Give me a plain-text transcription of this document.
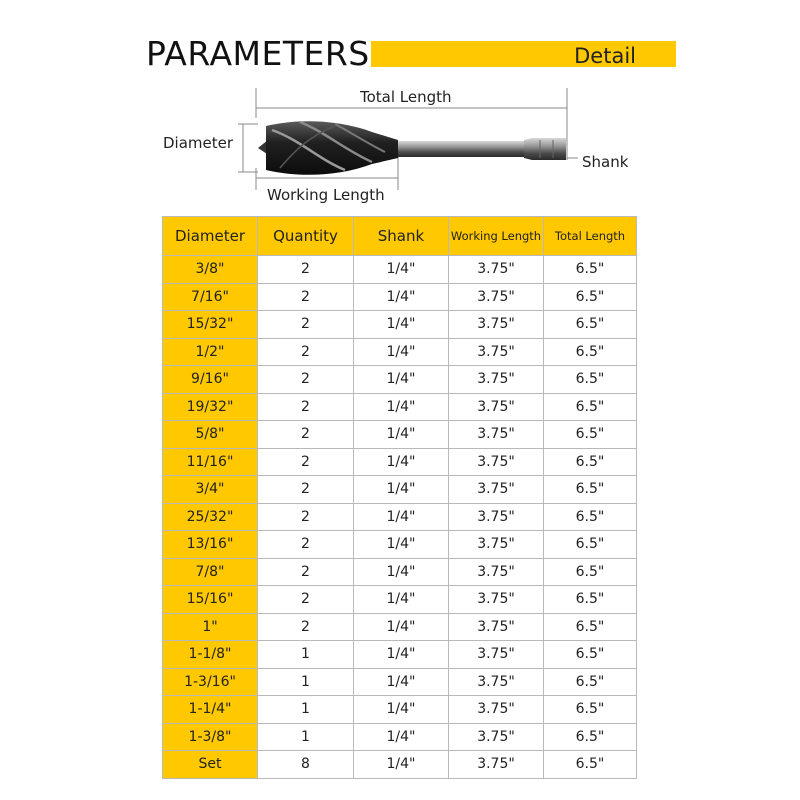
PARAMETERS	Detail
Total Length
Diameter
Shank
Working Length
Diameter	Quantity	Shank	Working Length	Total Length
3/8"	2	1/4"	3.75"	6.5"
7/16"	2	1/4"	3.75"	6.5"
15/32"	2	1/4"	3.75"	6.5"
1/2"	2	1/4"	3.75"	6.5"
9/16"	2	1/4"	3.75"	6.5"
19/32"	2	1/4"	3.75"	6.5"
5/8"	2	1/4"	3.75"	6.5"
11/16"	2	1/4"	3.75"	6.5"
3/4"	2	1/4"	3.75"	6.5"
25/32"	2	1/4"	3.75"	6.5"
13/16"	2	1/4"	3.75"	6.5"
7/8"	2	1/4"	3.75"	6.5"
15/16"	2	1/4"	3.75"	6.5"
1"	2	1/4"	3.75"	6.5"
1-1/8"	1	1/4"	3.75"	6.5"
1-3/16"	1	1/4"	3.75"	6.5"
1-1/4"	1	1/4"	3.75"	6.5"
1-3/8"	1	1/4"	3.75"	6.5"
Set	8	1/4"	3.75"	6.5"
